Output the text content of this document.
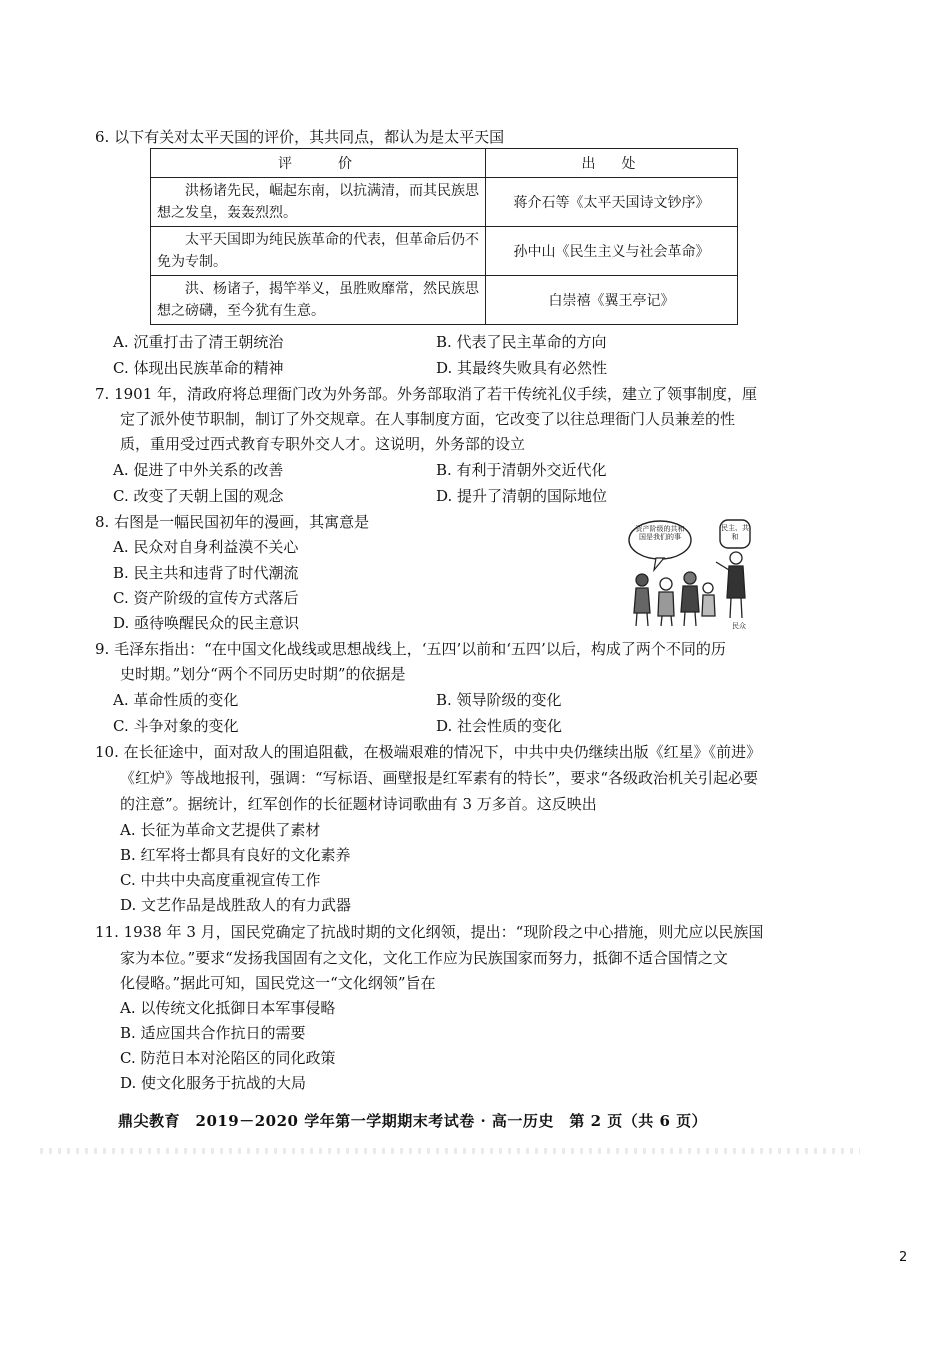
6. 以下有关对太平天国的评价，其共同点，都认为是太平天国
评　　价	出　处
洪杨诸先民，崛起东南，以抗满清，而其民族思想之发皇，轰轰烈烈。	蒋介石等《太平天国诗文钞序》
太平天国即为纯民族革命的代表，但革命后仍不免为专制。	孙中山《民生主义与社会革命》
洪、杨诸子，揭竿举义，虽胜败靡常，然民族思想之磅礴，至今犹有生意。	白崇禧《翼王亭记》
A. 沉重打击了清王朝统治	B. 代表了民主革命的方向
C. 体现出民族革命的精神	D. 其最终失败具有必然性
7. 1901 年，清政府将总理衙门改为外务部。外务部取消了若干传统礼仪手续，建立了领事制度，厘
定了派外使节职制，制订了外交规章。在人事制度方面，它改变了以往总理衙门人员兼差的性
质，重用受过西式教育专职外交人才。这说明，外务部的设立
A. 促进了中外关系的改善	B. 有利于清朝外交近代化
C. 改变了天朝上国的观念	D. 提升了清朝的国际地位
8. 右图是一幅民国初年的漫画，其寓意是
A. 民众对自身利益漠不关心
B. 民主共和违背了时代潮流
C. 资产阶级的宣传方式落后
D. 亟待唤醒民众的民主意识
资产阶级的共和国是我们的事
民主、共和
民众
9. 毛泽东指出：“在中国文化战线或思想战线上，‘五四’以前和‘五四’以后，构成了两个不同的历
史时期。”划分“两个不同历史时期”的依据是
A. 革命性质的变化	B. 领导阶级的变化
C. 斗争对象的变化	D. 社会性质的变化
10. 在长征途中，面对敌人的围追阻截，在极端艰难的情况下，中共中央仍继续出版《红星》《前进》
《红炉》等战地报刊，强调：“写标语、画壁报是红军素有的特长”，要求“各级政治机关引起必要
的注意”。据统计，红军创作的长征题材诗词歌曲有 3 万多首。这反映出
A. 长征为革命文艺提供了素材
B. 红军将士都具有良好的文化素养
C. 中共中央高度重视宣传工作
D. 文艺作品是战胜敌人的有力武器
11. 1938 年 3 月，国民党确定了抗战时期的文化纲领，提出：“现阶段之中心措施，则尤应以民族国
家为本位。”要求“发扬我国固有之文化，文化工作应为民族国家而努力，抵御不适合国情之文
化侵略。”据此可知，国民党这一“文化纲领”旨在
A. 以传统文化抵御日本军事侵略
B. 适应国共合作抗日的需要
C. 防范日本对沦陷区的同化政策
D. 使文化服务于抗战的大局
鼎尖教育　2019－2020 学年第一学期期末考试卷 · 高一历史　第 2 页（共 6 页）
2
